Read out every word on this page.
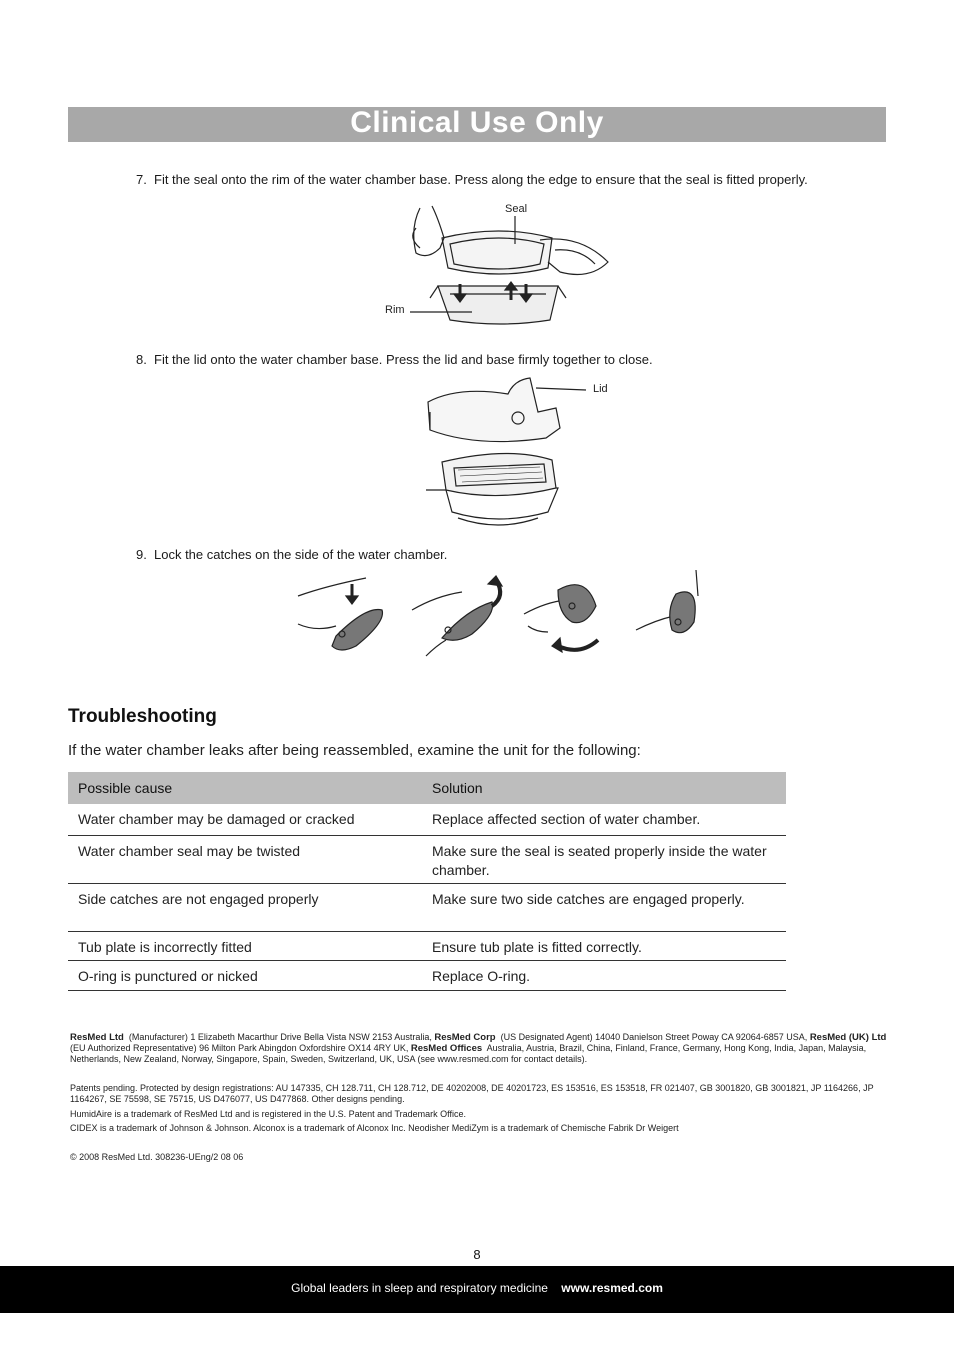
Clinical Use Only
7. Fit the seal onto the rim of the water chamber base. Press along the edge to ensure that the seal is fitted properly.
Seal
Rim
8. Fit the lid onto the water chamber base. Press the lid and base firmly together to close.
Lid
9. Lock the catches on the side of the water chamber.
Troubleshooting
If the water chamber leaks after being reassembled, examine the unit for the following:
Possible cause	Solution
Water chamber may be damaged or cracked	Replace affected section of water chamber.
Water chamber seal may be twisted	Make sure the seal is seated properly inside the water chamber.
Side catches are not engaged properly	Make sure two side catches are engaged properly.
Tub plate is incorrectly fitted	Ensure tub plate is fitted correctly.
O-ring is punctured or nicked	Replace O-ring.
ResMed Ltd (Manufacturer) 1 Elizabeth Macarthur Drive Bella Vista NSW 2153 Australia, ResMed Corp (US Designated Agent) 14040 Danielson Street Poway CA 92064-6857 USA, ResMed (UK) Ltd  (EU Authorized Representative) 96 Milton Park Abingdon Oxfordshire OX14 4RY UK, ResMed Offices Australia, Austria, Brazil, China, Finland, France, Germany, Hong Kong, India, Japan, Malaysia, Netherlands, New Zealand, Norway, Singapore, Spain, Sweden, Switzerland, UK, USA (see www.resmed.com for contact details).
Patents pending. Protected by design registrations: AU 147335, CH 128.711, CH 128.712, DE 40202008, DE 40201723, ES 153516, ES 153518, FR 021407, GB 3001820, GB 3001821, JP 1164266, JP 1164267, SE 75598, SE 75715, US D476077, US D477868. Other designs pending.
HumidAire is a trademark of ResMed Ltd and is registered in the U.S. Patent and Trademark Office.
CIDEX is a trademark of Johnson & Johnson. Alconox is a trademark of Alconox Inc. Neodisher MediZym is a trademark of Chemische Fabrik Dr Weigert
© 2008 ResMed Ltd. 308236-UEng/2 08 06
8
Global leaders in sleep and respiratory medicine www.resmed.com
